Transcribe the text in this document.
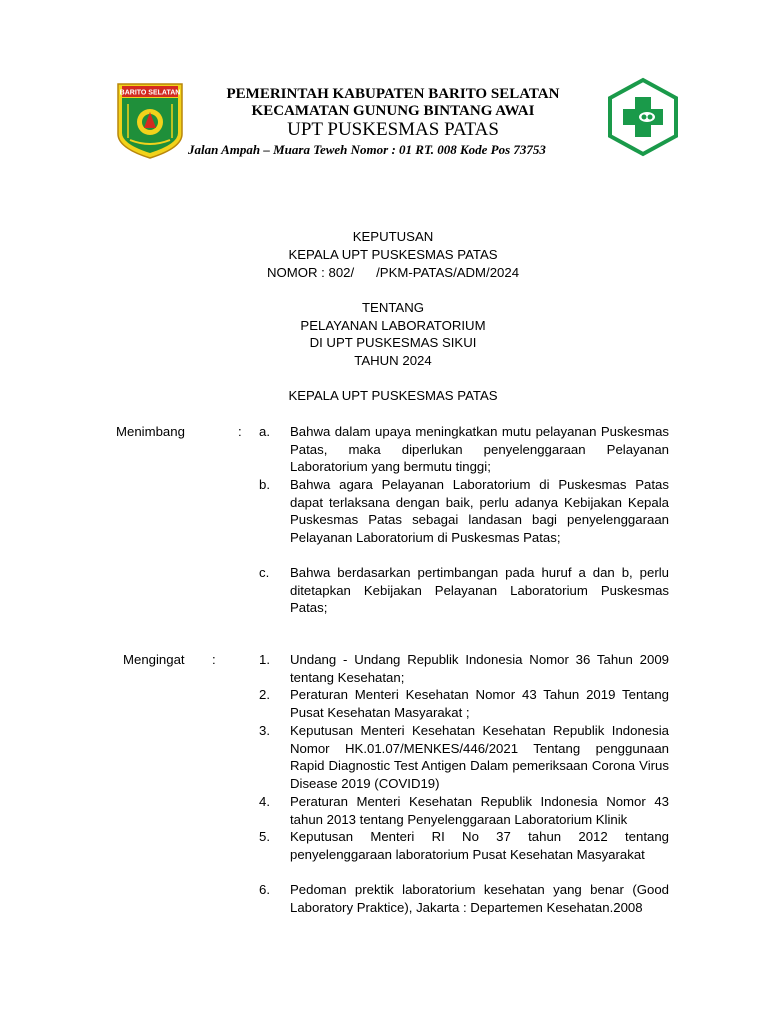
BARITO SELATAN	PEMERINTAH KABUPATEN BARITO SELATAN
KECAMATAN GUNUNG BINTANG AWAI
UPT PUSKESMAS PATAS
Jalan Ampah – Muara Teweh Nomor : 01 RT. 008 Kode Pos 73753
KEPUTUSAN
KEPALA UPT PUSKESMAS PATAS
NOMOR : 802/      /PKM-PATAS/ADM/2024
TENTANG
PELAYANAN LABORATORIUM
DI UPT PUSKESMAS SIKUI
TAHUN 2024
KEPALA UPT PUSKESMAS PATAS
Menimbang	: a.	Bahwa dalam upaya meningkatkan mutu pelayanan Puskesmas Patas, maka diperlukan penyelenggaraan Pelayanan Laboratorium yang bermutu tinggi;
b.	Bahwa agara Pelayanan Laboratorium di Puskesmas Patas dapat terlaksana dengan baik, perlu adanya Kebijakan Kepala Puskesmas Patas sebagai landasan bagi penyelenggaraan Pelayanan Laboratorium di Puskesmas Patas;
c.	Bahwa berdasarkan pertimbangan pada huruf a dan b, perlu ditetapkan Kebijakan Pelayanan Laboratorium Puskesmas Patas;
Mengingat :	1.	Undang - Undang Republik Indonesia Nomor 36 Tahun 2009 tentang Kesehatan;
2.	Peraturan Menteri Kesehatan Nomor 43 Tahun 2019 Tentang Pusat Kesehatan Masyarakat ;
3.	Keputusan Menteri Kesehatan Kesehatan Republik Indonesia Nomor HK.01.07/MENKES/446/2021 Tentang penggunaan Rapid Diagnostic Test Antigen Dalam pemeriksaan Corona Virus Disease 2019 (COVID19)
4.	Peraturan Menteri Kesehatan Republik Indonesia Nomor 43 tahun 2013 tentang Penyelenggaraan Laboratorium Klinik
5.	Keputusan Menteri RI No 37 tahun 2012 tentang penyelenggaraan laboratorium Pusat Kesehatan Masyarakat
6.	Pedoman prektik laboratorium kesehatan yang benar (Good Laboratory Praktice), Jakarta : Departemen Kesehatan.2008
